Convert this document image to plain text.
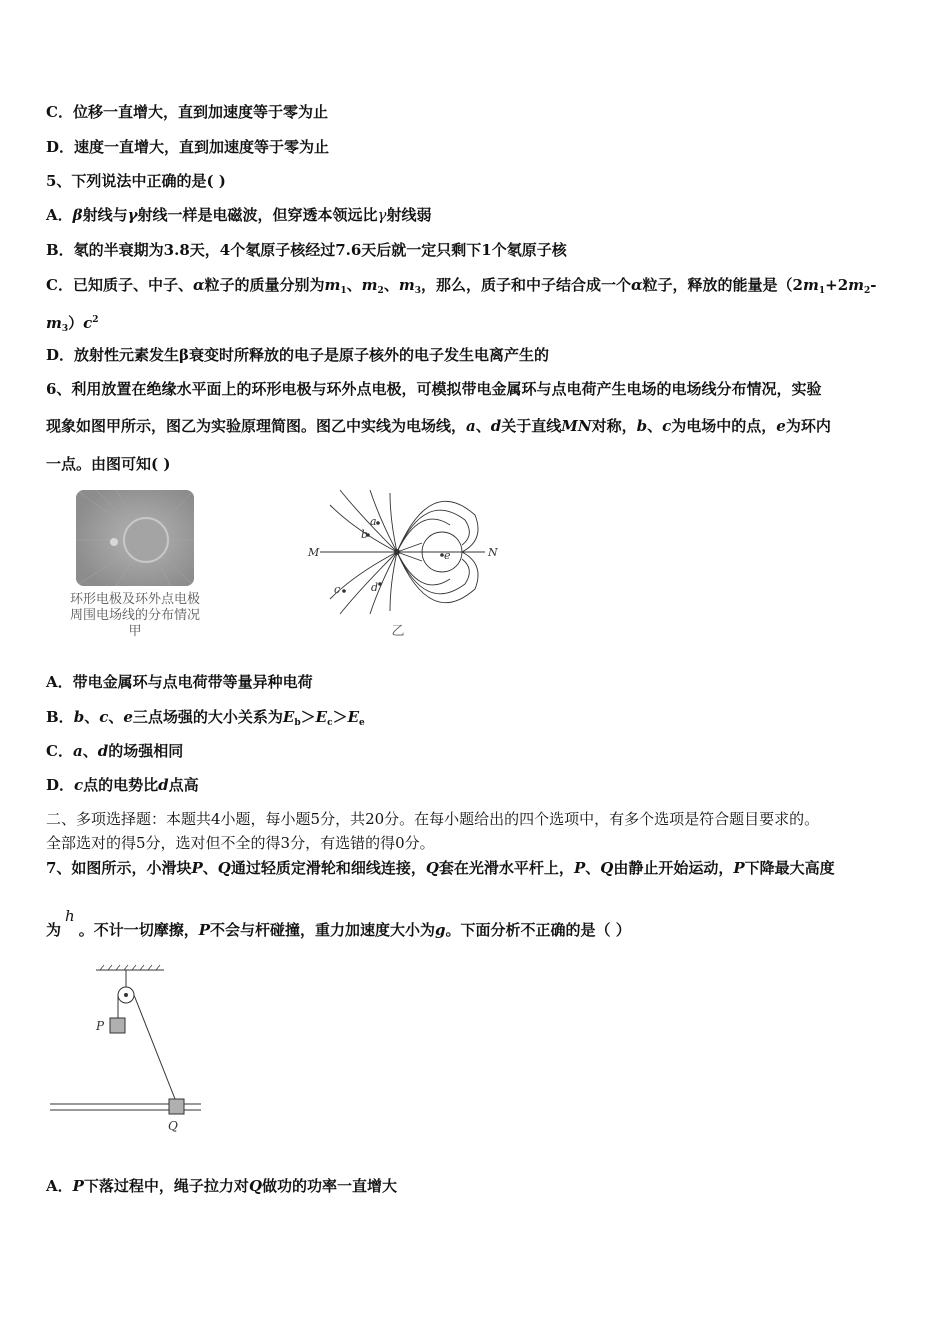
C．位移一直增大，直到加速度等于零为止
D．速度一直增大，直到加速度等于零为止
5、下列说法中正确的是( )
A．β射线与γ射线一样是电磁波，但穿透本领远比γ射线弱
B．氡的半衰期为3.8天，4个氡原子核经过7.6天后就一定只剩下1个氡原子核
C．已知质子、中子、α粒子的质量分别为$m_1$、$m_2$、$m_3$，那么，质子和中子结合成一个α粒子，释放的能量是（$2m_1+2m_2-$
$m_3)c^2$
D．放射性元素发生β衰变时所释放的电子是原子核外的电子发生电离产生的
6、利用放置在绝缘水平面上的环形电极与环外点电极，可模拟带电金属环与点电荷产生电场的电场线分布情况，实验
现象如图甲所示，图乙为实验原理简图。图乙中实线为电场线，a、d关于直线MN对称，b、c为电场中的点，e为环内
一点。由图可知( )
环形电极及环外点电极
周围电场线的分布情况
甲
M	N
a
b
c	d
e
乙
A．带电金属环与点电荷带等量异种电荷
B．b、c、e三点场强的大小关系为$E_b>E_c>E_e$
C．a、d的场强相同
D．c点的电势比d点高
二、多项选择题：本题共4小题，每小题5分，共20分。在每小题给出的四个选项中，有多个选项是符合题目要求的。
全部选对的得5分，选对但不全的得3分，有选错的得0分。
7、如图所示，小滑块P、Q通过轻质定滑轮和细线连接，Q套在光滑水平杆上，P、Q由静止开始运动，P下降最大高度
为h。不计一切摩擦，P不会与杆碰撞，重力加速度大小为g。下面分析不正确的是（ ）
P
Q
A．P下落过程中，绳子拉力对Q做功的功率一直增大
